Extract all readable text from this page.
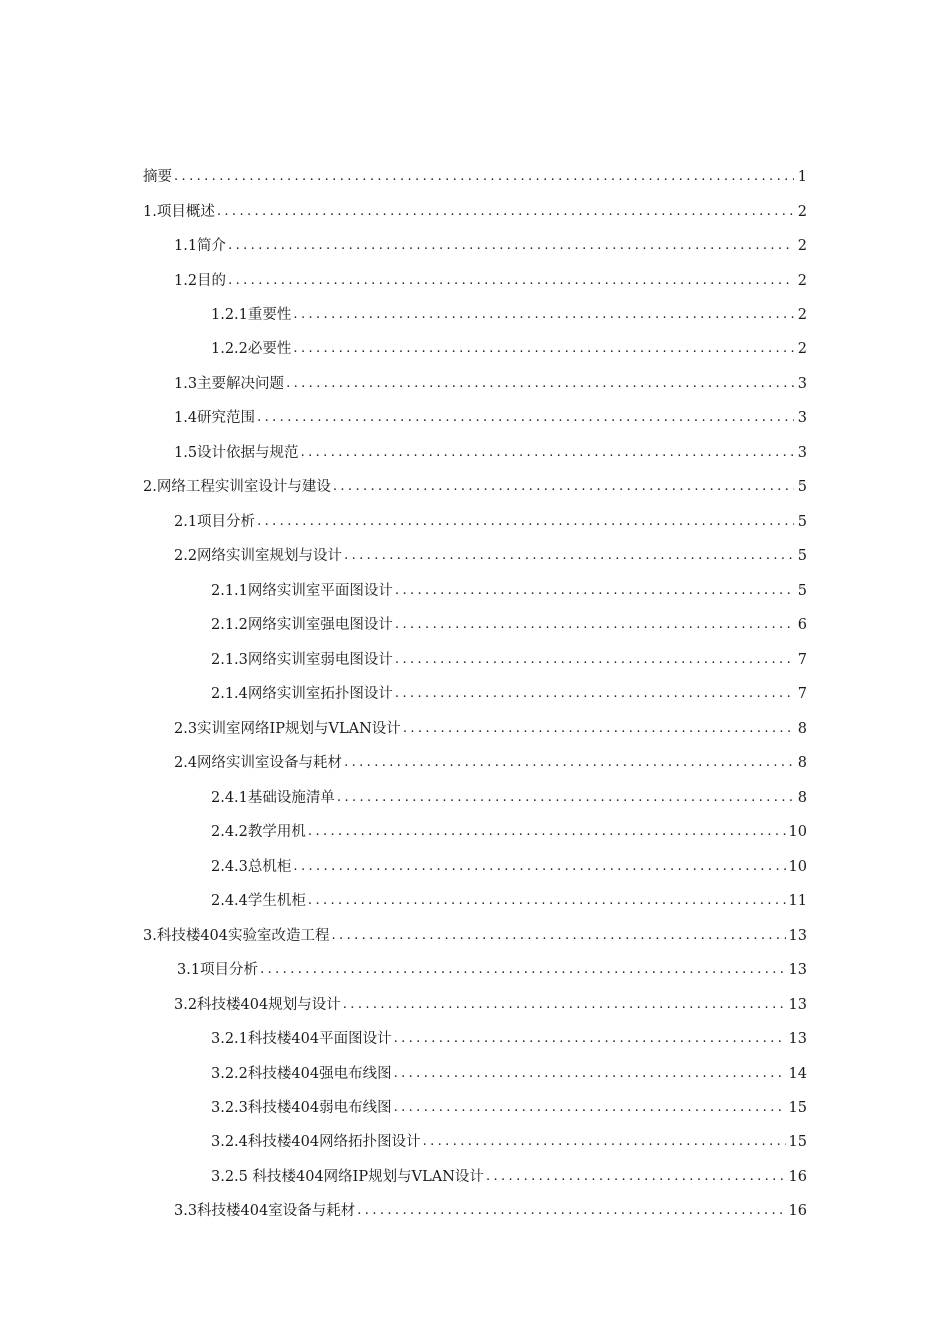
摘要 .....	1
1.项目概述 .....	2
1.1简介 .....	2
1.2目的 .....	2
1.2.1重要性 .....	2
1.2.2必要性 .....	2
1.3主要解决问题 .....	3
1.4研究范围 .....	3
1.5设计依据与规范 .....	3
2.网络工程实训室设计与建设 .....	5
2.1项目分析 .....	5
2.2网络实训室规划与设计 .....	5
2.1.1网络实训室平面图设计 .....	5
2.1.2网络实训室强电图设计 .....	6
2.1.3网络实训室弱电图设计 .....	7
2.1.4网络实训室拓扑图设计 .....	7
2.3实训室网络IP规划与VLAN设计 .....	8
2.4网络实训室设备与耗材 .....	8
2.4.1基础设施清单 .....	8
2.4.2教学用机 .....	10
2.4.3总机柜 .....	10
2.4.4学生机柜 .....	11
3.科技楼404实验室改造工程 .....	13
3.1项目分析 .....	13
3.2科技楼404规划与设计 .....	13
3.2.1科技楼404平面图设计 .....	13
3.2.2科技楼404强电布线图 .....	14
3.2.3科技楼404弱电布线图 .....	15
3.2.4科技楼404网络拓扑图设计 .....	15
3.2.5 科技楼404网络IP规划与VLAN设计 .....	16
3.3科技楼404室设备与耗材 .....	16
